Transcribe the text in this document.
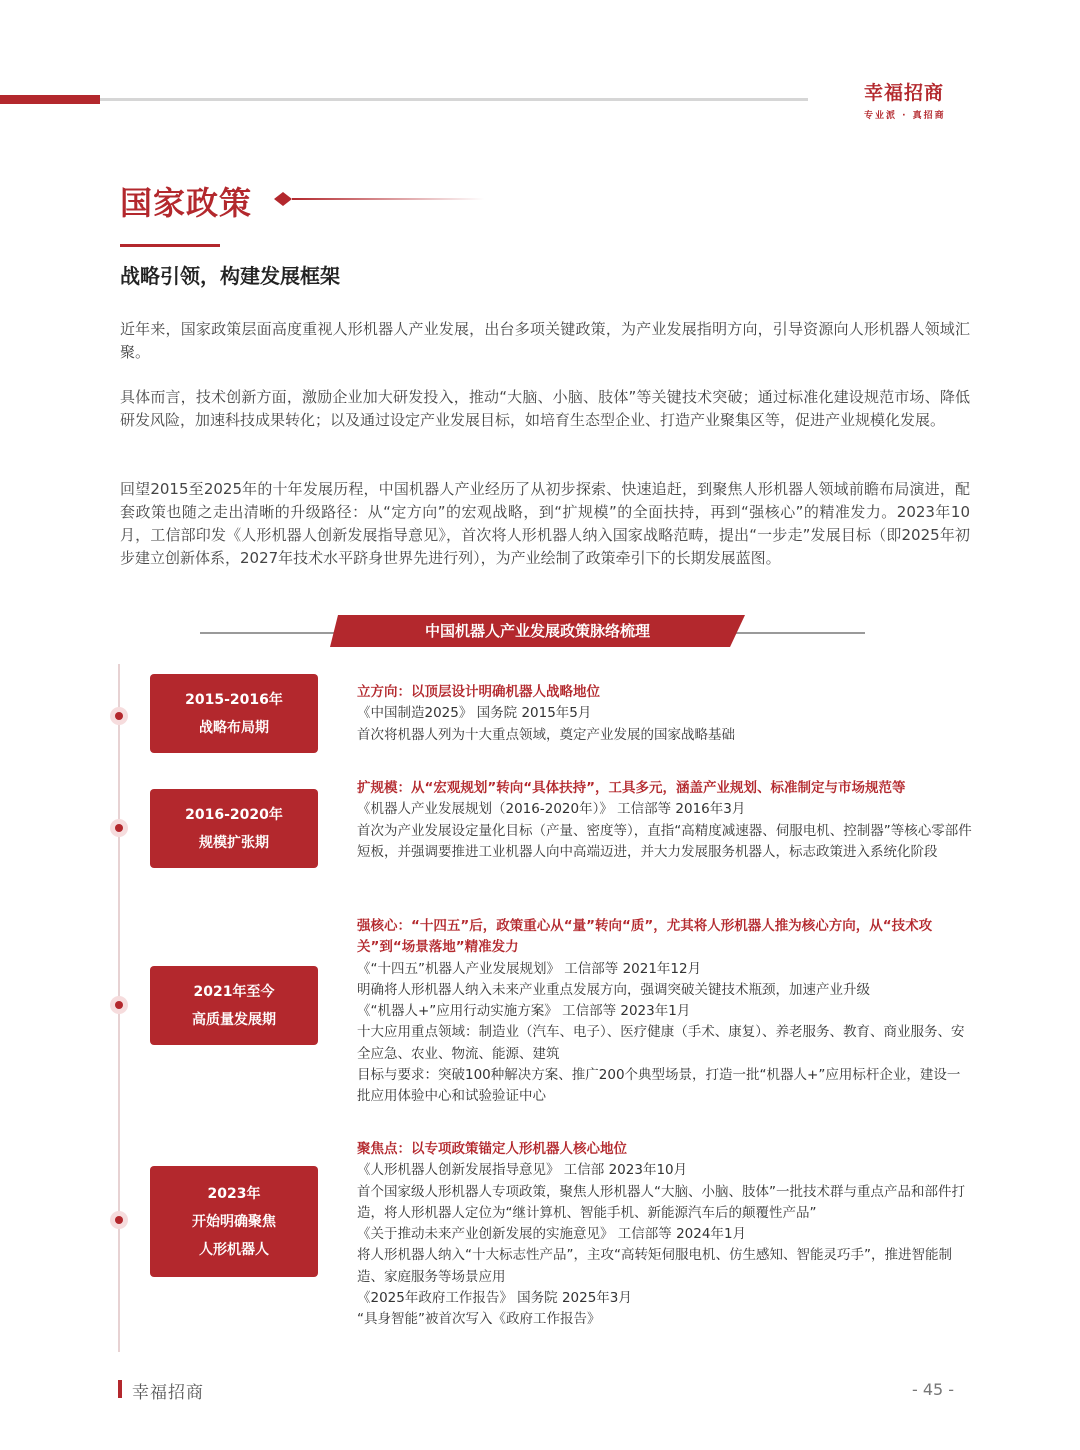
幸福招商
专业派 · 真招商
国家政策
战略引领，构建发展框架

近年来，国家政策层面高度重视人形机器人产业发展，出台多项关键政策，为产业发展指明方向，引导资源向人形机器人领域汇聚。

具体而言，技术创新方面，激励企业加大研发投入，推动“大脑、小脑、肢体”等关键技术突破；通过标准化建设规范市场、降低研发风险，加速科技成果转化；以及通过设定产业发展目标，如培育生态型企业、打造产业聚集区等，促进产业规模化发展。

回望2015至2025年的十年发展历程，中国机器人产业经历了从初步探索、快速追赶，到聚焦人形机器人领域前瞻布局演进，配套政策也随之走出清晰的升级路径：从“定方向”的宏观战略，到“扩规模”的全面扶持，再到“强核心”的精准发力。2023年10月，工信部印发《人形机器人创新发展指导意见》，首次将人形机器人纳入国家战略范畴，提出“一步走”发展目标（即2025年初步建立创新体系，2027年技术水平跻身世界先进行列），为产业绘制了政策牵引下的长期发展蓝图。

中国机器人产业发展政策脉络梳理
2015-2016年
战略布局期
立方向：以顶层设计明确机器人战略地位
《中国制造2025》 国务院 2015年5月
首次将机器人列为十大重点领域，奠定产业发展的国家战略基础
2016-2020年
规模扩张期
扩规模：从“宏观规划”转向“具体扶持”，工具多元，涵盖产业规划、标准制定与市场规范等
《机器人产业发展规划（2016-2020年）》 工信部等 2016年3月
首次为产业发展设定量化目标（产量、密度等），直指“高精度减速器、伺服电机、控制器”等核心零部件短板，并强调要推进工业机器人向中高端迈进，并大力发展服务机器人，标志政策进入系统化阶段
2021年至今
高质量发展期
强核心：“十四五”后，政策重心从“量”转向“质”，尤其将人形机器人推为核心方向，从“技术攻关”到“场景落地”精准发力
《“十四五”机器人产业发展规划》 工信部等 2021年12月
明确将人形机器人纳入未来产业重点发展方向，强调突破关键技术瓶颈，加速产业升级
《“机器人+”应用行动实施方案》 工信部等 2023年1月
十大应用重点领域：制造业（汽车、电子）、医疗健康（手术、康复）、养老服务、教育、商业服务、安全应急、农业、物流、能源、建筑
目标与要求：突破100种解决方案、推广200个典型场景，打造一批“机器人+”应用标杆企业，建设一批应用体验中心和试验验证中心
2023年
开始明确聚焦
人形机器人
聚焦点：以专项政策锚定人形机器人核心地位
《人形机器人创新发展指导意见》 工信部 2023年10月
首个国家级人形机器人专项政策，聚焦人形机器人“大脑、小脑、肢体”一批技术群与重点产品和部件打造，将人形机器人定位为“继计算机、智能手机、新能源汽车后的颠覆性产品”
《关于推动未来产业创新发展的实施意见》 工信部等 2024年1月
将人形机器人纳入“十大标志性产品”，主攻“高转矩伺服电机、仿生感知、智能灵巧手”，推进智能制造、家庭服务等场景应用
《2025年政府工作报告》 国务院 2025年3月
“具身智能”被首次写入《政府工作报告》
幸福招商	- 45 -
